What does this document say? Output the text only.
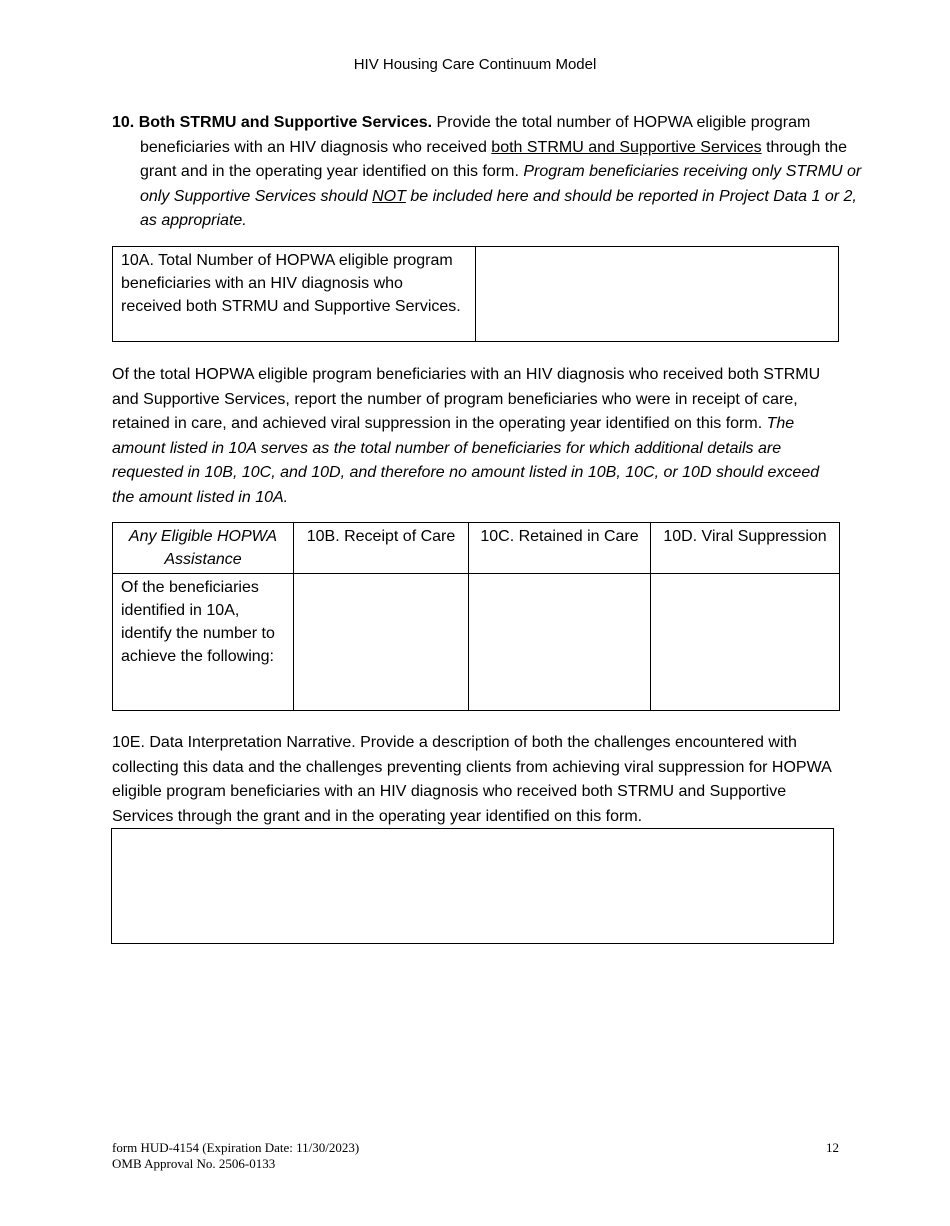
HIV Housing Care Continuum Model
10. Both STRMU and Supportive Services. Provide the total number of HOPWA eligible program beneficiaries with an HIV diagnosis who received both STRMU and Supportive Services through the grant and in the operating year identified on this form. Program beneficiaries receiving only STRMU or only Supportive Services should NOT be included here and should be reported in Project Data 1 or 2, as appropriate.
10A. Total Number of HOPWA eligible program beneficiaries with an HIV diagnosis who received both STRMU and Supportive Services.	
Of the total HOPWA eligible program beneficiaries with an HIV diagnosis who received both STRMU and Supportive Services, report the number of program beneficiaries who were in receipt of care, retained in care, and achieved viral suppression in the operating year identified on this form. The amount listed in 10A serves as the total number of beneficiaries for which additional details are requested in 10B, 10C, and 10D, and therefore no amount listed in 10B, 10C, or 10D should exceed the amount listed in 10A.
Any Eligible HOPWA Assistance	10B. Receipt of Care	10C. Retained in Care	10D. Viral Suppression
Of the beneficiaries identified in 10A, identify the number to achieve the following:			
10E. Data Interpretation Narrative. Provide a description of both the challenges encountered with collecting this data and the challenges preventing clients from achieving viral suppression for HOPWA eligible program beneficiaries with an HIV diagnosis who received both STRMU and Supportive Services through the grant and in the operating year identified on this form.
form HUD-4154 (Expiration Date: 11/30/2023)
OMB Approval No. 2506-0133
12
